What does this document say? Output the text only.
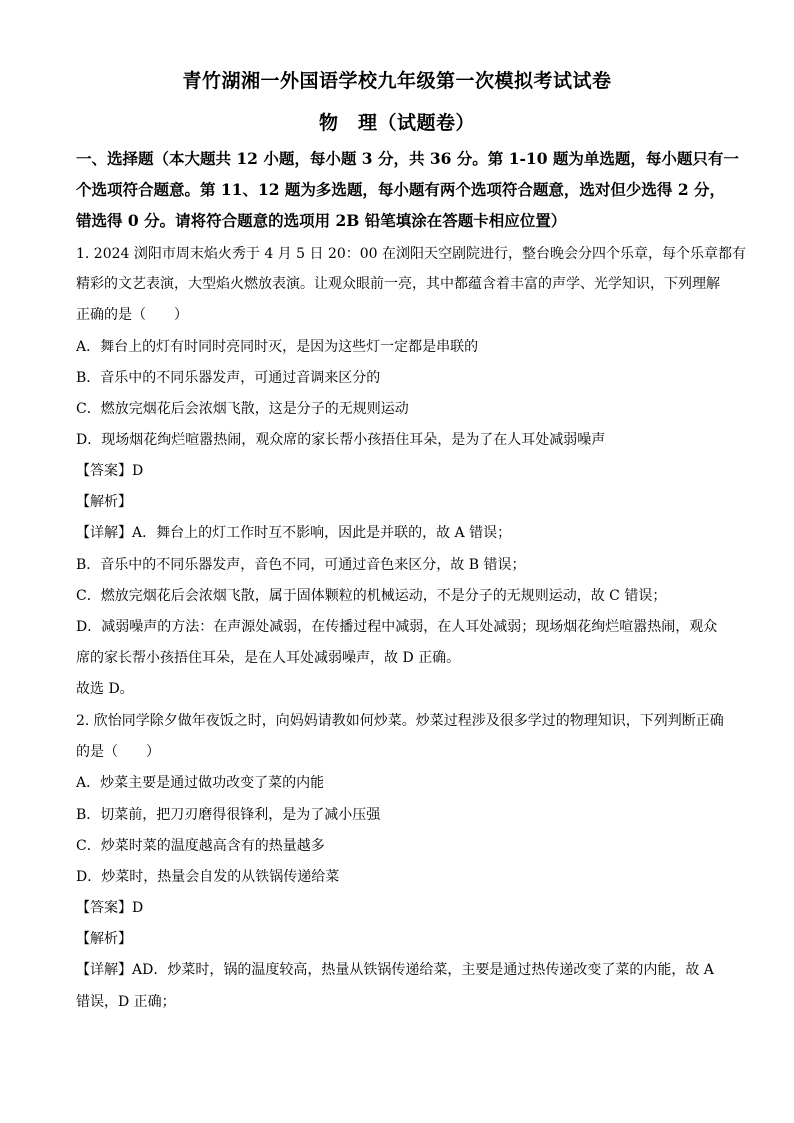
青竹湖湘一外国语学校九年级第一次模拟考试试卷
物　理（试题卷）
一、选择题（本大题共 12 小题，每小题 3 分，共 36 分。第 1-10 题为单选题，每小题只有一
个选项符合题意。第 11、12 题为多选题，每小题有两个选项符合题意，选对但少选得 2 分，
错选得 0 分。请将符合题意的选项用 2B 铅笔填涂在答题卡相应位置）
1. 2024 浏阳市周末焰火秀于 4 月 5 日 20：00 在浏阳天空剧院进行，整台晚会分四个乐章，每个乐章都有
精彩的文艺表演，大型焰火燃放表演。让观众眼前一亮，其中都蕴含着丰富的声学、光学知识，下列理解
正确的是（　　）
A．舞台上的灯有时同时亮同时灭，是因为这些灯一定都是串联的
B．音乐中的不同乐器发声，可通过音调来区分的
C．燃放完烟花后会浓烟飞散，这是分子的无规则运动
D．现场烟花绚烂喧嚣热闹，观众席的家长帮小孩捂住耳朵，是为了在人耳处减弱噪声
【答案】D
【解析】
【详解】A．舞台上的灯工作时互不影响，因此是并联的，故 A 错误；
B．音乐中的不同乐器发声，音色不同，可通过音色来区分，故 B 错误；
C．燃放完烟花后会浓烟飞散，属于固体颗粒的机械运动，不是分子的无规则运动，故 C 错误；
D．减弱噪声的方法：在声源处减弱，在传播过程中减弱，在人耳处减弱；现场烟花绚烂喧嚣热闹，观众
席的家长帮小孩捂住耳朵，是在人耳处减弱噪声，故 D 正确。
故选 D。
2. 欣怡同学除夕做年夜饭之时，向妈妈请教如何炒菜。炒菜过程涉及很多学过的物理知识，下列判断正确
的是（　　）
A．炒菜主要是通过做功改变了菜的内能
B．切菜前，把刀刃磨得很锋利，是为了减小压强
C．炒菜时菜的温度越高含有的热量越多
D．炒菜时，热量会自发的从铁锅传递给菜
【答案】D
【解析】
【详解】AD．炒菜时，锅的温度较高，热量从铁锅传递给菜，主要是通过热传递改变了菜的内能，故 A
错误，D 正确；
